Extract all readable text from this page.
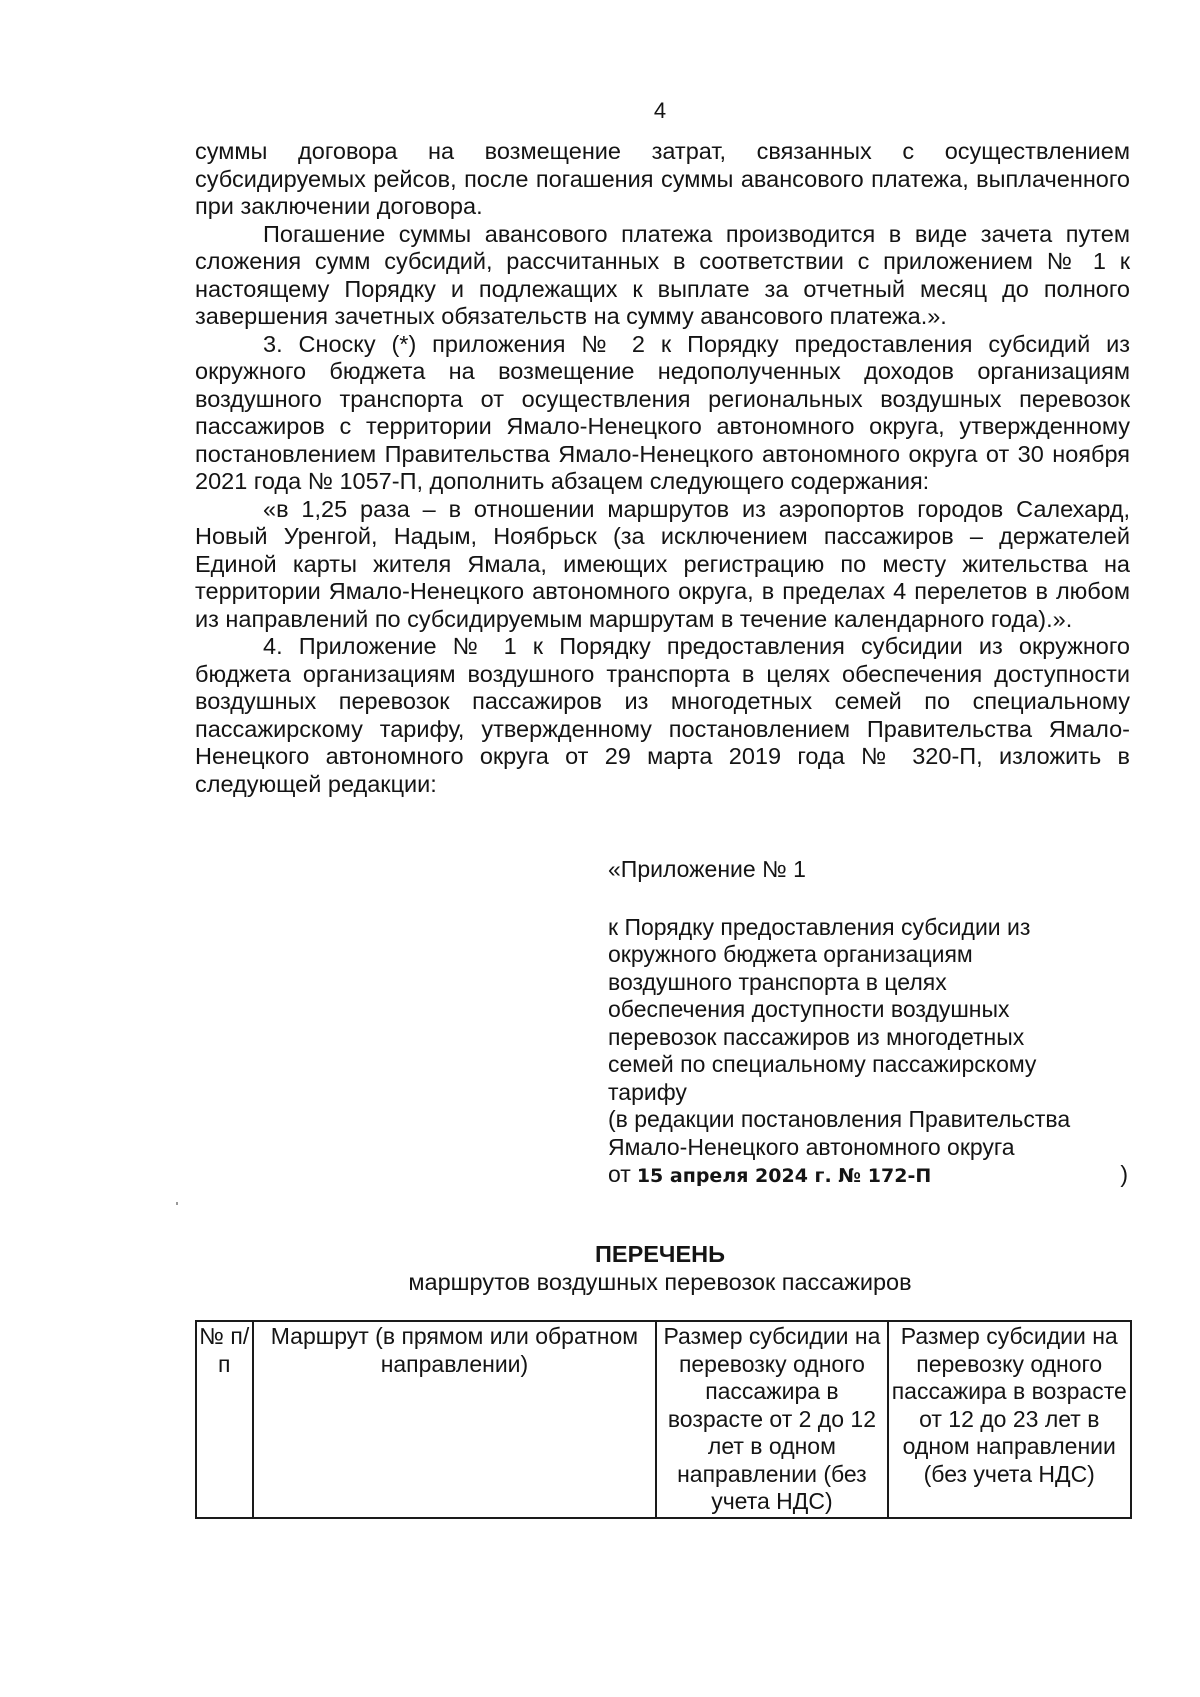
4

суммы договора на возмещение затрат, связанных с осуществлением субсидируемых рейсов, после погашения суммы авансового платежа, выплаченного при заключении договора.

Погашение суммы авансового платежа производится в виде зачета путем сложения сумм субсидий, рассчитанных в соответствии с приложением № 1 к настоящему Порядку и подлежащих к выплате за отчетный месяц до полного завершения зачетных обязательств на сумму авансового платежа.».

3. Сноску (*) приложения № 2 к Порядку предоставления субсидий из окружного бюджета на возмещение недополученных доходов организациям воздушного транспорта от осуществления региональных воздушных перевозок пассажиров с территории Ямало-Ненецкого автономного округа, утвержденному постановлением Правительства Ямало-Ненецкого автономного округа от 30 ноября 2021 года № 1057-П, дополнить абзацем следующего содержания:

«в 1,25 раза – в отношении маршрутов из аэропортов городов Салехард, Новый Уренгой, Надым, Ноябрьск (за исключением пассажиров – держателей Единой карты жителя Ямала, имеющих регистрацию по месту жительства на территории Ямало-Ненецкого автономного округа, в пределах 4 перелетов в любом из направлений по субсидируемым маршрутам в течение календарного года).».

4. Приложение № 1 к Порядку предоставления субсидии из окружного бюджета организациям воздушного транспорта в целях обеспечения доступности воздушных перевозок пассажиров из многодетных семей по специальному пассажирскому тарифу, утвержденному постановлением Правительства Ямало-Ненецкого автономного округа от 29 марта 2019 года № 320-П, изложить в следующей редакции:

«Приложение № 1

к Порядку предоставления субсидии из

окружного бюджета организациям

воздушного транспорта в целях

обеспечения доступности воздушных

перевозок пассажиров из многодетных

семей по специальному пассажирскому

тарифу

(в редакции постановления Правительства

Ямало-Ненецкого автономного округа

от 15 апреля 2024 г. № 172-П	)

ПЕРЕЧЕНЬ
маршрутов воздушных перевозок пассажиров
№ п/п	Маршрут (в прямом или обратном направлении)	Размер субсидии на перевозку одного пассажира в возрасте от 2 до 12 лет в одном направлении (без учета НДС)	Размер субсидии на перевозку одного пассажира в возрасте от 12 до 23 лет в одном направлении (без учета НДС)
